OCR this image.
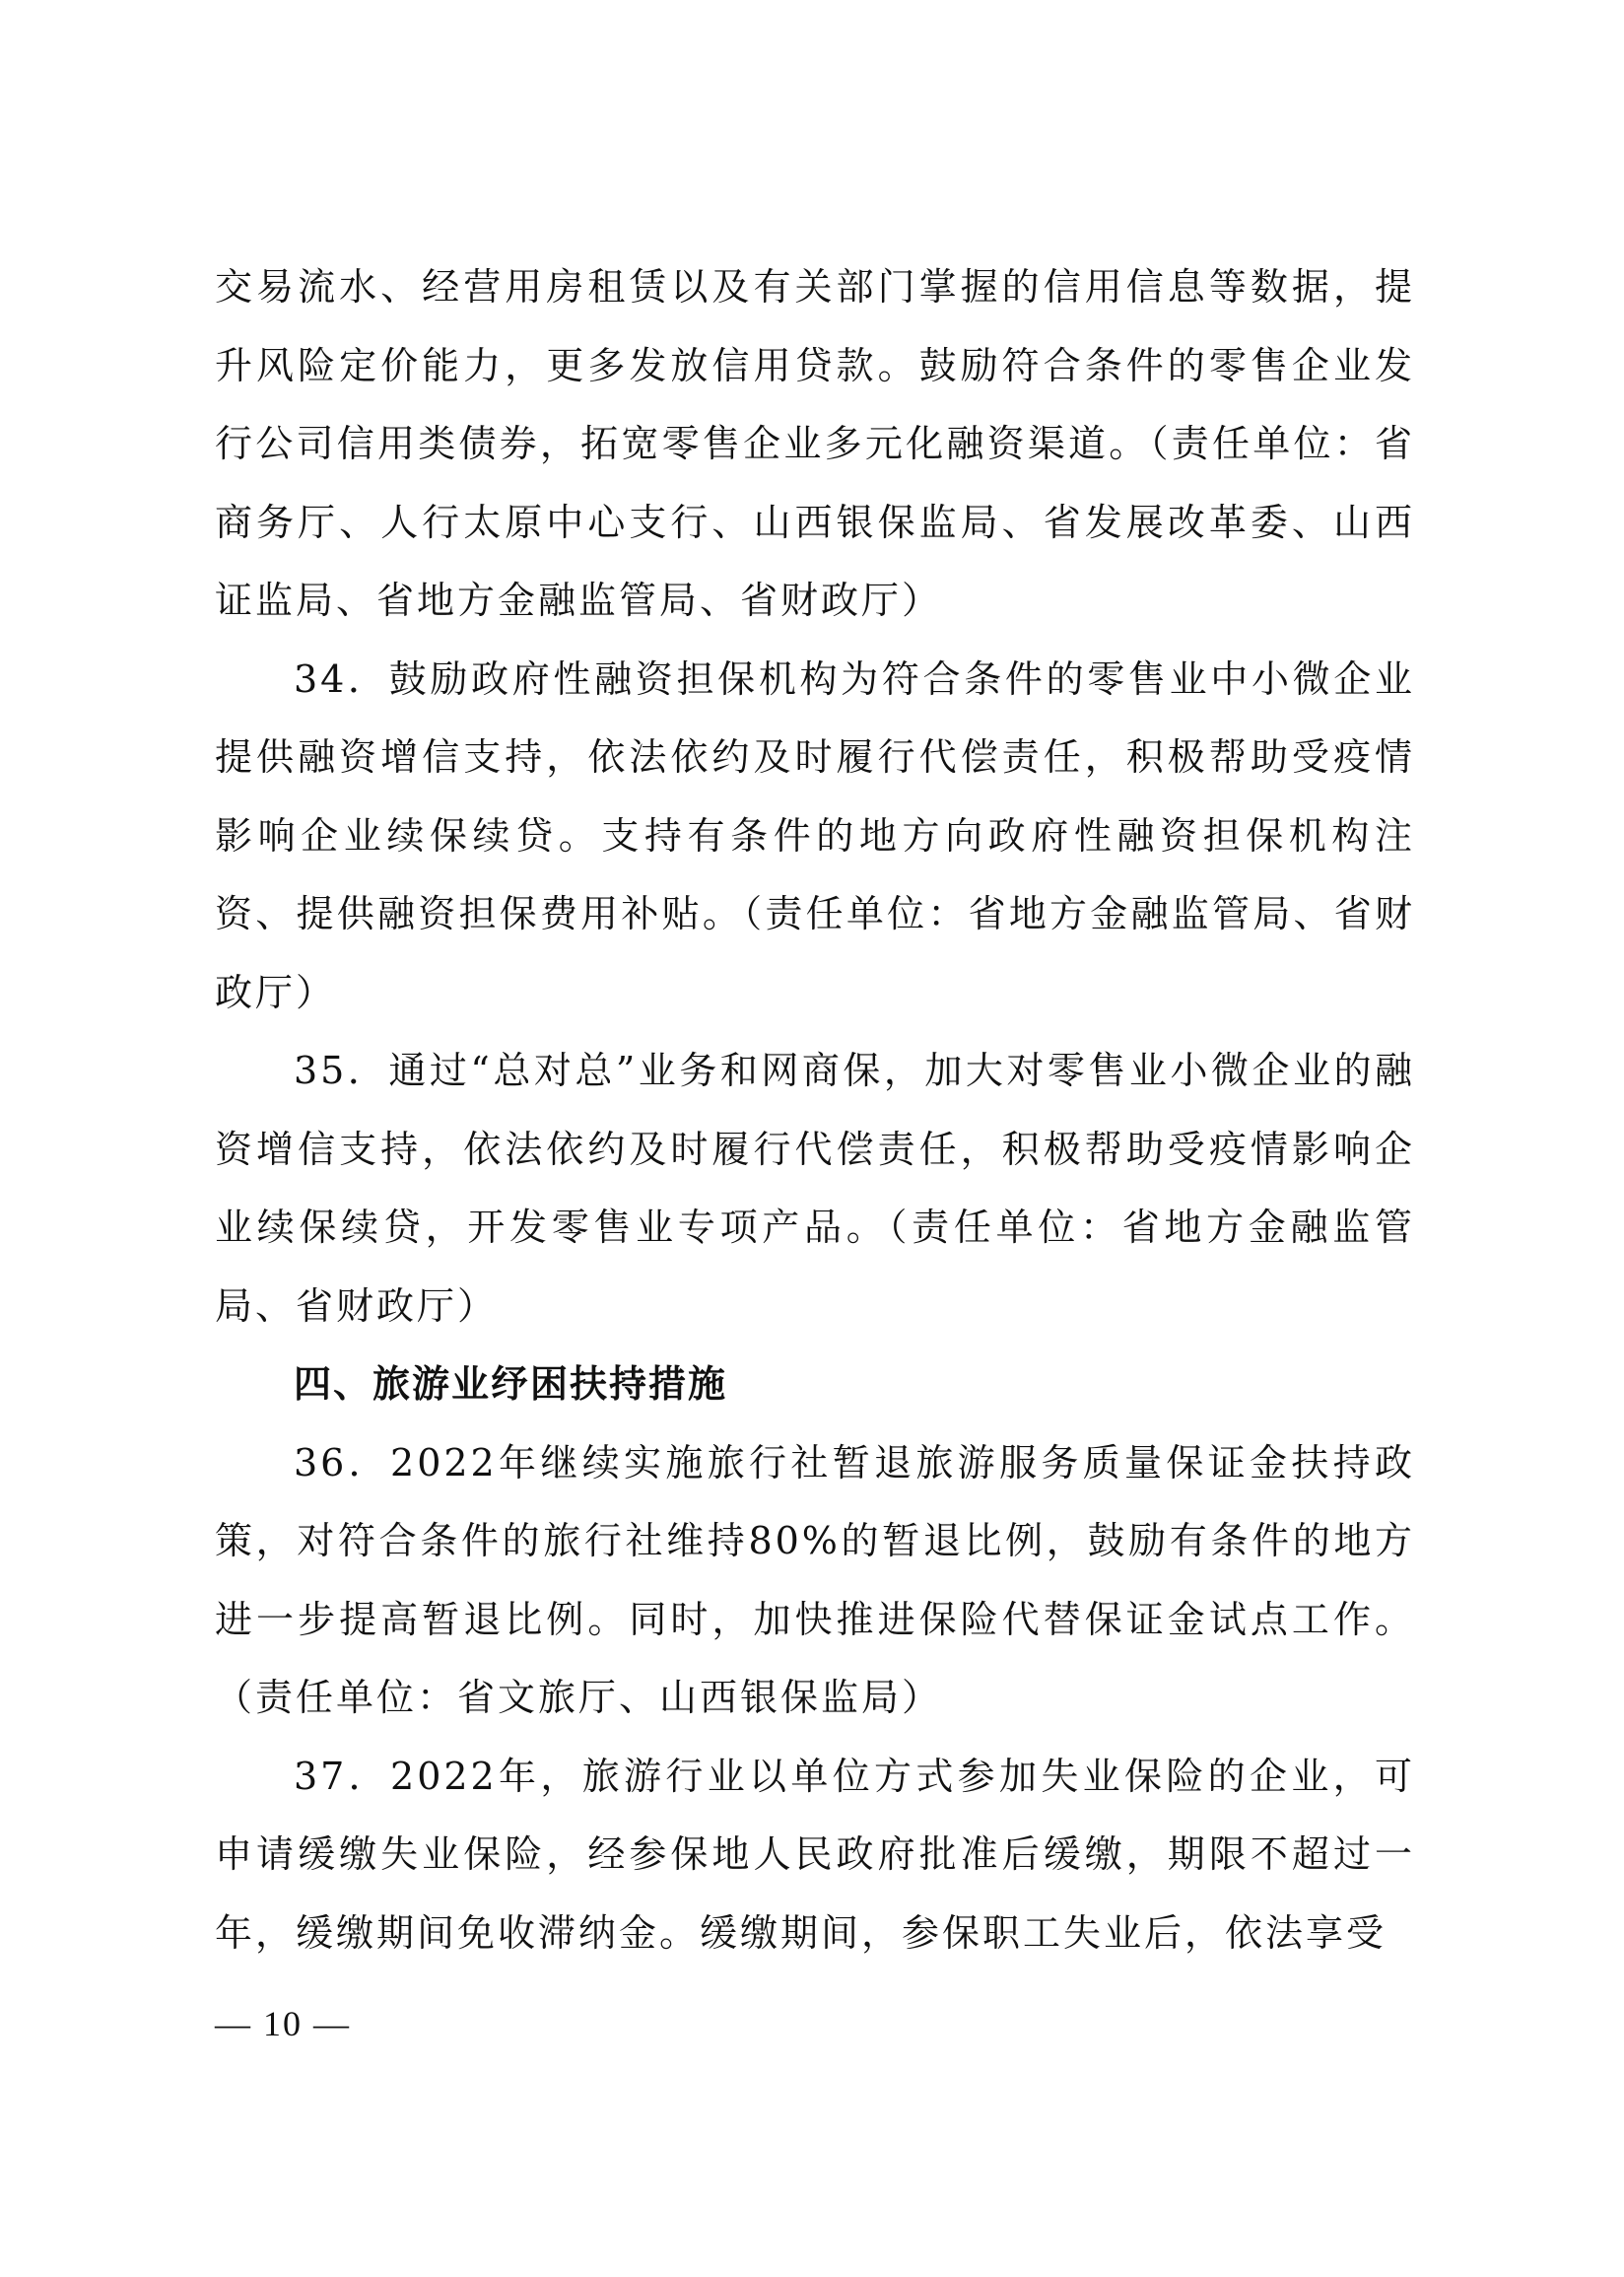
交易流水、经营用房租赁以及有关部门掌握的信用信息等数据，提升风险定价能力，更多发放信用贷款。鼓励符合条件的零售企业发行公司信用类债券，拓宽零售企业多元化融资渠道。（责任单位：省商务厅、人行太原中心支行、山西银保监局、省发展改革委、山西证监局、省地方金融监管局、省财政厅）

34．鼓励政府性融资担保机构为符合条件的零售业中小微企业提供融资增信支持，依法依约及时履行代偿责任，积极帮助受疫情影响企业续保续贷。支持有条件的地方向政府性融资担保机构注资、提供融资担保费用补贴。（责任单位：省地方金融监管局、省财政厅）

35．通过“总对总”业务和网商保，加大对零售业小微企业的融资增信支持，依法依约及时履行代偿责任，积极帮助受疫情影响企业续保续贷，开发零售业专项产品。（责任单位：省地方金融监管局、省财政厅）

四、旅游业纾困扶持措施

36．2022年继续实施旅行社暂退旅游服务质量保证金扶持政策，对符合条件的旅行社维持80%的暂退比例，鼓励有条件的地方进一步提高暂退比例。同时，加快推进保险代替保证金试点工作。（责任单位：省文旅厅、山西银保监局）

37．2022年，旅游行业以单位方式参加失业保险的企业，可申请缓缴失业保险，经参保地人民政府批准后缓缴，期限不超过一年，缓缴期间免收滞纳金。缓缴期间，参保职工失业后，依法享受

— 10 —
